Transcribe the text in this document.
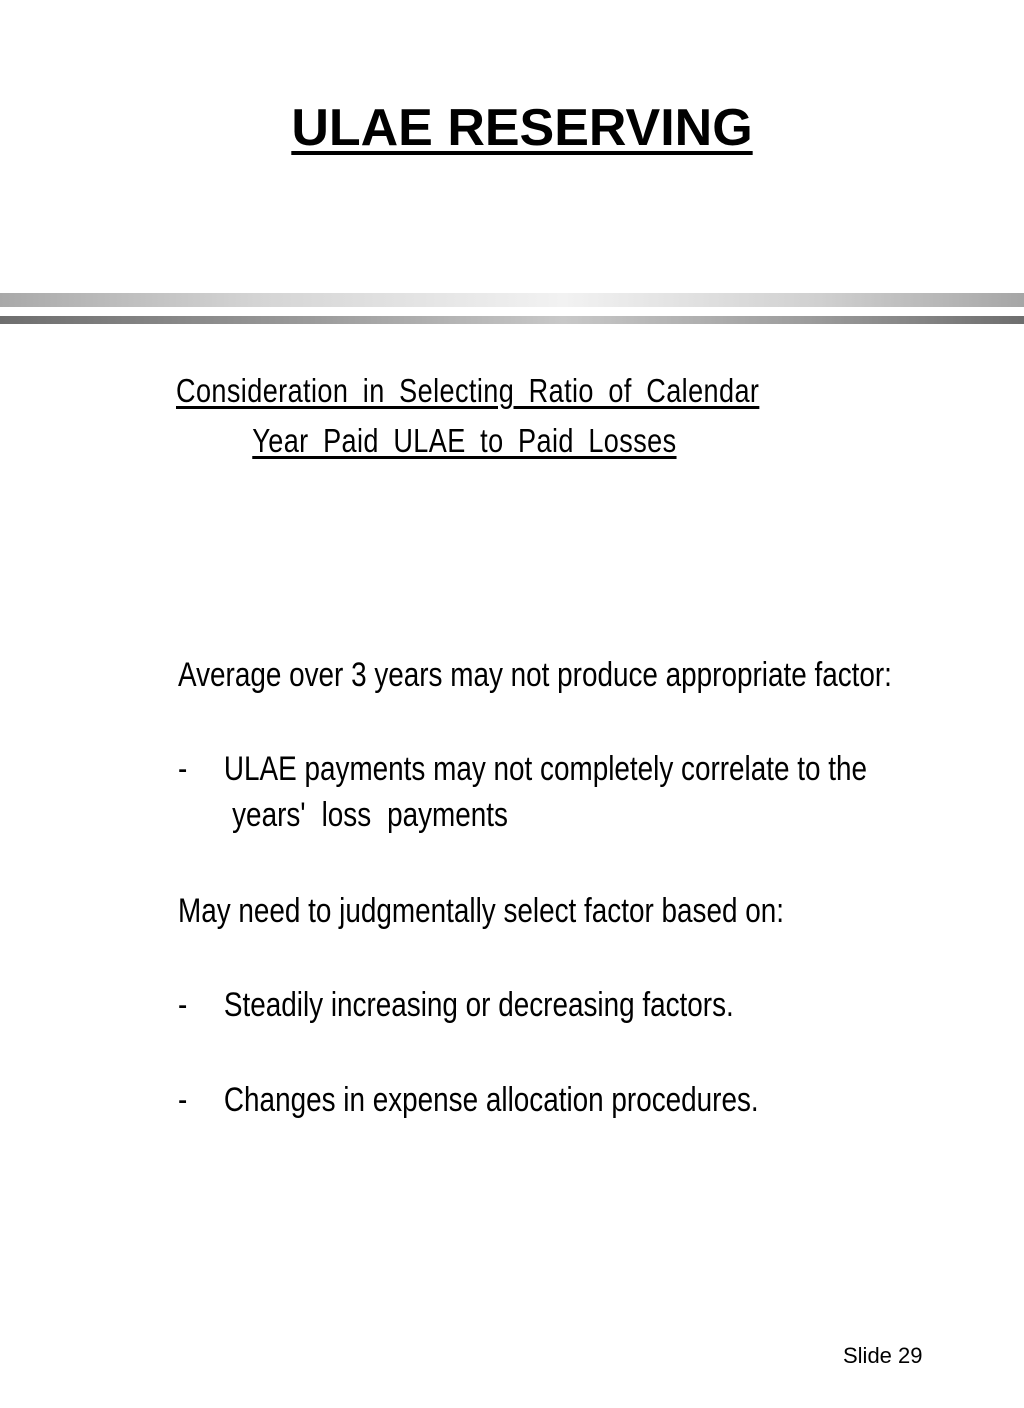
ULAE RESERVING
Consideration in Selecting Ratio of Calendar
Year Paid ULAE to Paid Losses
Average over 3 years may not produce appropriate factor:
- ULAE payments may not completely correlate to the
years' loss payments
May need to judgmentally select factor based on:
- Steadily increasing or decreasing factors.
- Changes in expense allocation procedures.
Slide 29
